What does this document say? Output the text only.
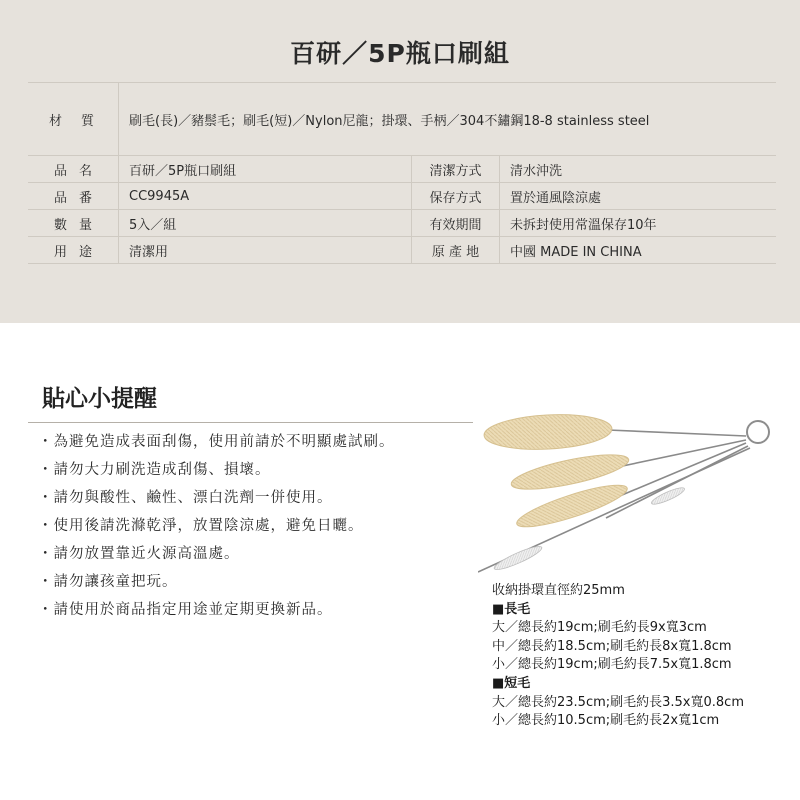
百研／5P瓶口刷組
材　質	刷毛(長)／豬鬃毛；刷毛(短)／Nylon尼龍；掛環、手柄／304不鏽鋼18-8 stainless steel
品名	百研／5P瓶口刷組	清潔方式	清水沖洗
品番	CC9945A	保存方式	置於通風陰涼處
數量	5入／組	有效期間	未拆封使用常溫保存10年
用途	清潔用	原 產 地	中國 MADE IN CHINA
貼心小提醒
・ 為避免造成表面刮傷，使用前請於不明顯處試刷。
・ 請勿大力刷洗造成刮傷、損壞。
・ 請勿與酸性、鹼性、漂白洗劑一併使用。
・ 使用後請洗滌乾淨，放置陰涼處，避免日曬。
・ 請勿放置靠近火源高溫處。
・ 請勿讓孩童把玩。
・ 請使用於商品指定用途並定期更換新品。
收納掛環直徑約25mm
■長毛
大／總長約19cm;刷毛約長9x寬3cm
中／總長約18.5cm;刷毛約長8x寬1.8cm
小／總長約19cm;刷毛約長7.5x寬1.8cm
■短毛
大／總長約23.5cm;刷毛約長3.5x寬0.8cm
小／總長約10.5cm;刷毛約長2x寬1cm
